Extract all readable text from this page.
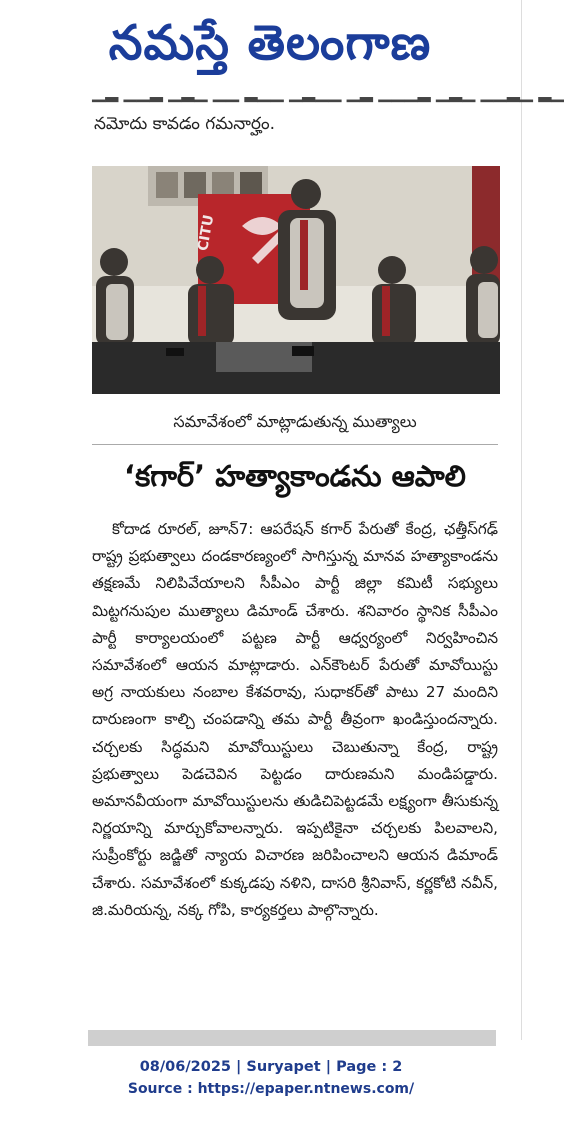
నమస్తే తెలంగాణ
▁▂ ▁▁▂ ▁▂▁ ▁▁ ▂▁▁ ▁▂▁▁ ▁▂ ▁▁▁▂ ▁▂▁ ▁▁▂▁ ▂▁
నమోదు కావడం గమనార్హం.
CITU
సమావేశంలో మాట్లాడుతున్న ముత్యాలు
‘కగార్’ హత్యాకాండను ఆపాలి

కోదాడ రూరల్, జూన్7: ఆపరేషన్ కగార్ పేరుతో కేంద్ర, ఛత్తీస్‌గఢ్ రాష్ట్ర ప్రభుత్వాలు దండకారణ్యంలో సాగిస్తున్న మానవ హత్యాకాండను తక్షణమే నిలిపివేయాలని సీపీఎం పార్టీ జిల్లా కమిటీ సభ్యులు మిట్టగనుపుల ముత్యాలు డిమాండ్ చేశారు. శనివారం స్థానిక సీపీఎం పార్టీ కార్యాలయంలో పట్టణ పార్టీ ఆధ్వర్యంలో నిర్వహించిన సమావేశంలో ఆయన మాట్లాడారు. ఎన్‌కౌంటర్ పేరుతో మావోయిస్టు అగ్ర నాయకులు నంబాల కేశవరావు, సుధాకర్‌తో పాటు 27 మందిని దారుణంగా కాల్చి చంపడాన్ని తమ పార్టీ తీవ్రంగా ఖండిస్తుందన్నారు. చర్చలకు సిద్ధమని మావోయిస్టులు చెబుతున్నా కేంద్ర, రాష్ట్ర ప్రభుత్వాలు పెడచెవిన పెట్టడం దారుణమని మండిపడ్డారు. అమానవీయంగా మావోయిస్టులను తుడిచిపెట్టడమే లక్ష్యంగా తీసుకున్న నిర్ణయాన్ని మార్చుకోవాలన్నారు. ఇప్పటికైనా చర్చలకు పిలవాలని, సుప్రీంకోర్టు జడ్జితో న్యాయ విచారణ జరిపించాలని ఆయన డిమాండ్ చేశారు. సమావేశంలో కుక్కడపు నళిని, దాసరి శ్రీనివాస్, కర్ణకోటి నవీన్, జి.మరియన్న, నక్క గోపి, కార్యకర్తలు పాల్గొన్నారు.

08/06/2025 | Suryapet | Page : 2
Source : https://epaper.ntnews.com/
